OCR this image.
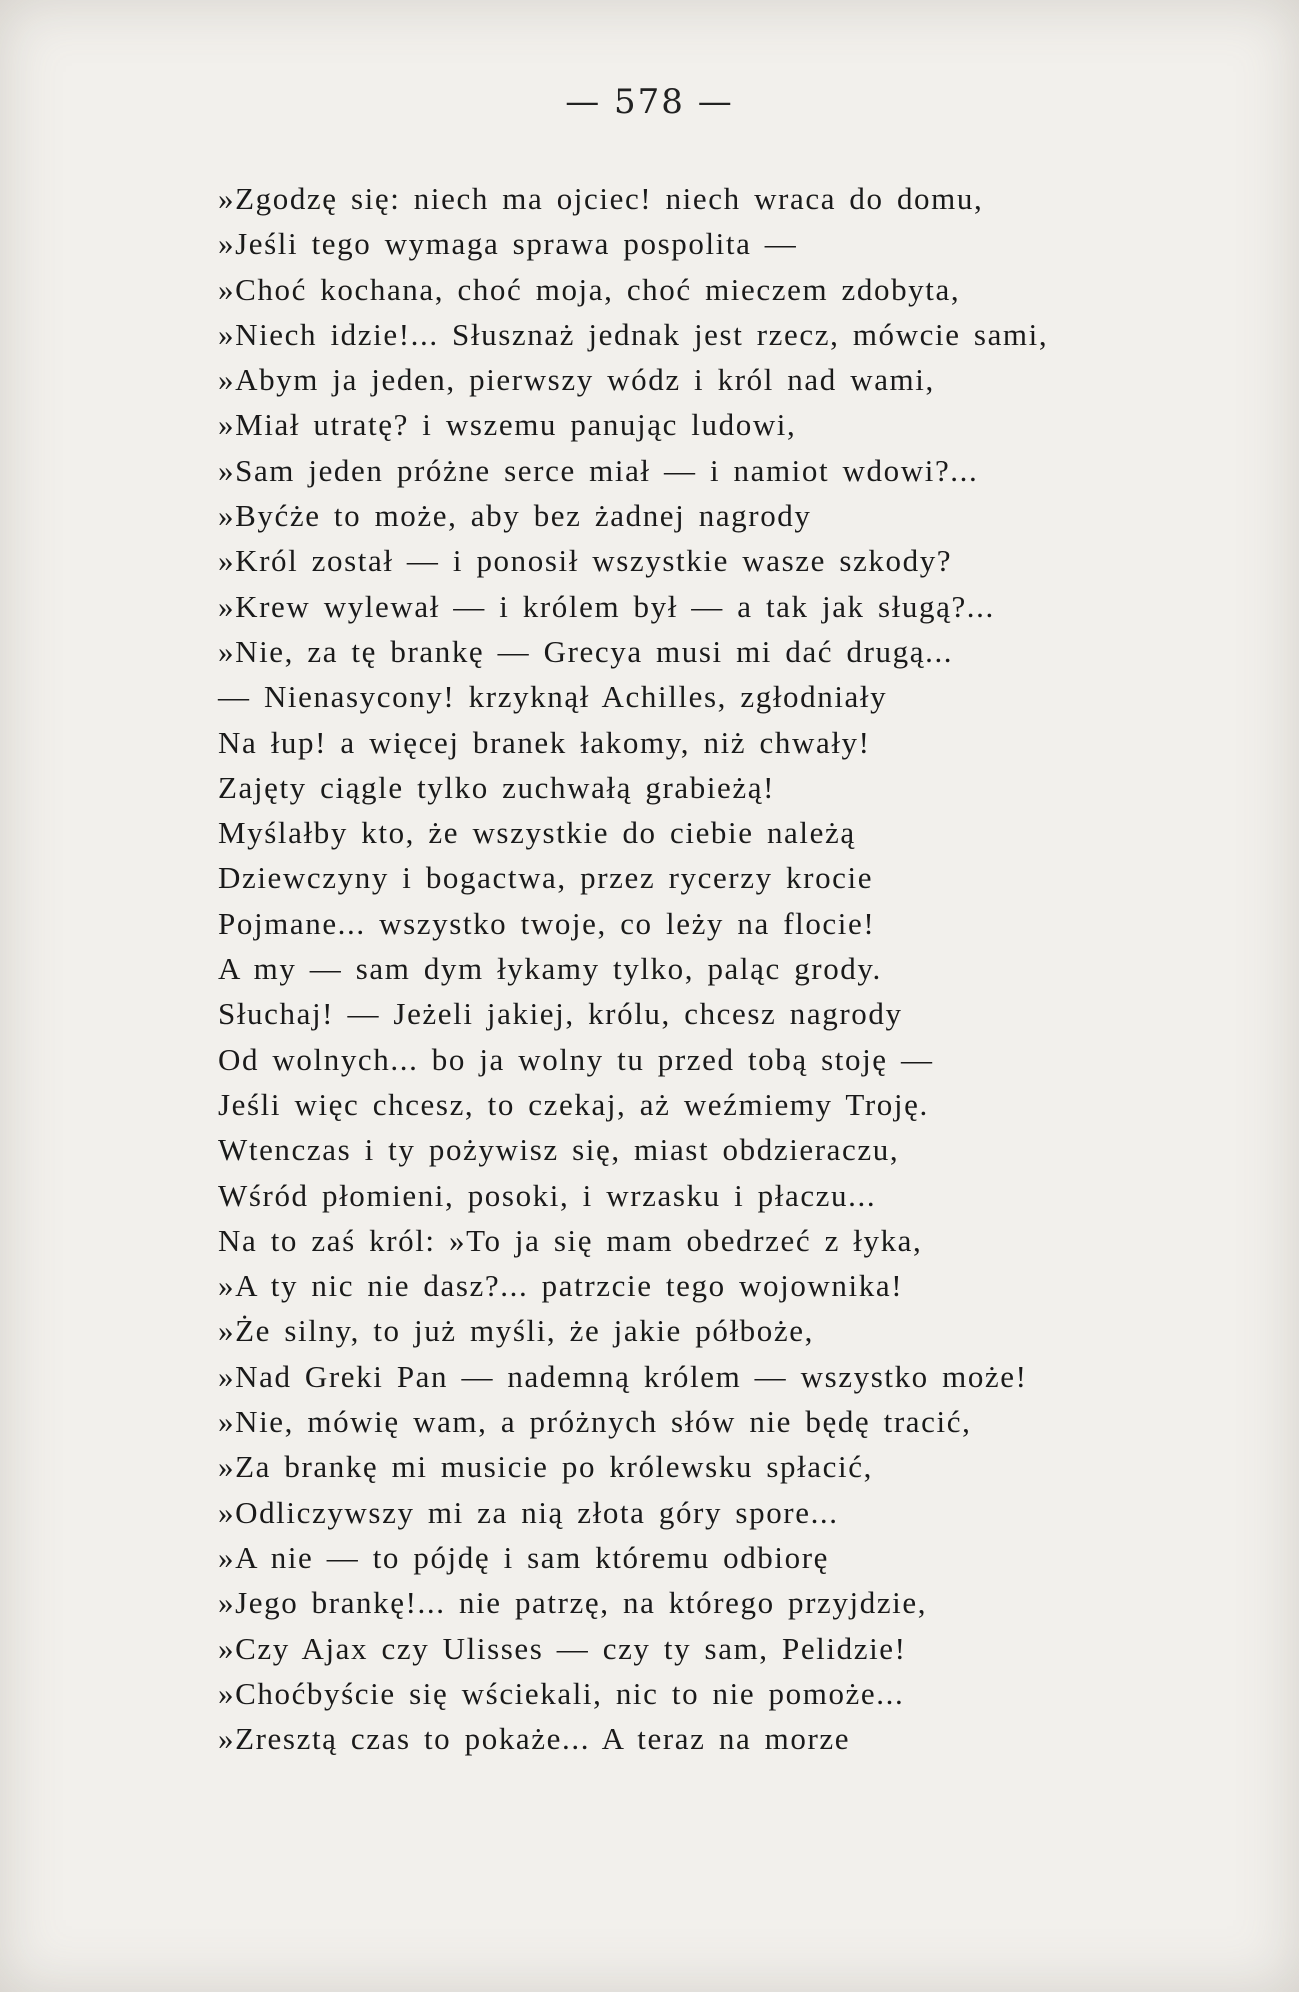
— 578 —
»Zgodzę się: niech ma ojciec! niech wraca do domu,
»Jeśli tego wymaga sprawa pospolita —
»Choć kochana, choć moja, choć mieczem zdobyta,
»Niech idzie!... Słusznaż jednak jest rzecz, mówcie sami,
»Abym ja jeden, pierwszy wódz i król nad wami,
»Miał utratę? i wszemu panując ludowi,
»Sam jeden próżne serce miał — i namiot wdowi?...
»Byćże to może, aby bez żadnej nagrody
»Król został — i ponosił wszystkie wasze szkody?
»Krew wylewał — i królem był — a tak jak sługą?...
»Nie, za tę brankę — Grecya musi mi dać drugą...
— Nienasycony! krzyknął Achilles, zgłodniały
Na łup! a więcej branek łakomy, niż chwały!
Zajęty ciągle tylko zuchwałą grabieżą!
Myślałby kto, że wszystkie do ciebie należą
Dziewczyny i bogactwa, przez rycerzy krocie
Pojmane... wszystko twoje, co leży na flocie!
A my — sam dym łykamy tylko, paląc grody.
Słuchaj! — Jeżeli jakiej, królu, chcesz nagrody
Od wolnych... bo ja wolny tu przed tobą stoję —
Jeśli więc chcesz, to czekaj, aż weźmiemy Troję.
Wtenczas i ty pożywisz się, miast obdzieraczu,
Wśród płomieni, posoki, i wrzasku i płaczu...
Na to zaś król: »To ja się mam obedrzeć z łyka,
»A ty nic nie dasz?... patrzcie tego wojownika!
»Że silny, to już myśli, że jakie półboże,
»Nad Greki Pan — nademną królem — wszystko może!
»Nie, mówię wam, a próżnych słów nie będę tracić,
»Za brankę mi musicie po królewsku spłacić,
»Odliczywszy mi za nią złota góry spore...
»A nie — to pójdę i sam któremu odbiorę
»Jego brankę!... nie patrzę, na którego przyjdzie,
»Czy Ajax czy Ulisses — czy ty sam, Pelidzie!
»Choćbyście się wściekali, nic to nie pomoże...
»Zresztą czas to pokaże... A teraz na morze
